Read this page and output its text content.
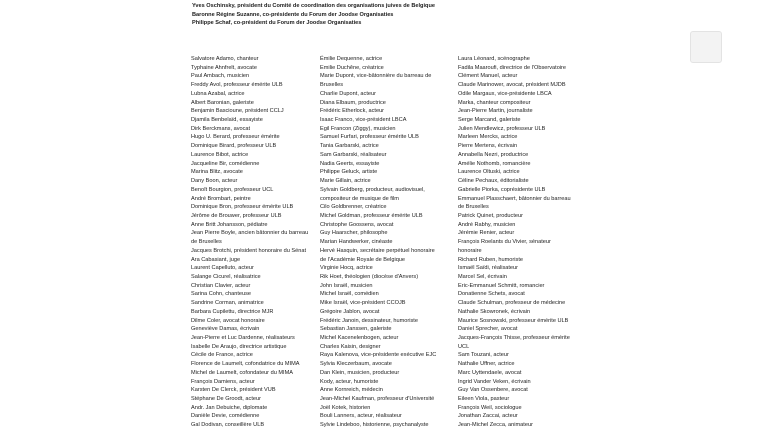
Yves Oschinsky, président du Comité de coordination des organisations juives de Belgique
Baronne Régine Suzanne, co-présidente du Forum der Joodse Organisaties
Philippe Schaf, co-président du Forum der Joodse Organisaties
Salvatore Adamo, chanteur
Typhaine Ahnfrelt, avocate
Paul Ambach, musicien
Freddy Avol, professeur émérite ULB
Lubna Azabal, actrice
Albert Baronian, galeriste
Benjamin Bascioune, président CCLJ
Djamila Benbelaïd, essayiste
Dirk Berckmans, avocat
Hugo U. Berard, professeur émérite
Dominique Birard, professeur ULB
Laurence Bibot, actrice
Jacqueline Bir, comédienne
Marina Blitz, avocate
Dany Boon, acteur
Benoît Bourgion, professeur UCL
André Brombart, peintre
Dominique Bron, professeur émérite ULB
Jérôme de Brouwer, professeur ULB
Anne Britt Johansson, pédiatre
Jean Pierre Boyle, ancien bâtonnier du barreau
de Bruxelles
Jacques Brotchi, président honoraire du Sénat
Ara Cabasiant, juge
Laurent Capelluto, acteur
Salange Cicurel, réalisatrice
Christian Clavier, acteur
Sarina Cohn, chanteuse
Sandrine Corman, animatrice
Barbara Cupilettu, directrice MJR
Dilme Coler, avocat honoraire
Geneviève Damas, écrivain
Jean-Pierre et Luc Dardenne, réalisateurs
Isabelle De Araujo, directrice artistique
Cécile de France, actrice
Florence de Laumelt, cofondatrice du MIMA
Michel de Laumelt, cofondateur du MIMA
François Damiens, acteur
Karsten De Clerck, président VUB
Stéphane De Groodt, acteur
Andr. Jan Debuiche, diplomate
Danièle Devie, comédienne
Gal Dodivan, conseillère ULB
Émilie Dequenne, actrice
Emilie Duchêne, créatrice
Marie Dupont, vice-bâtonnière du barreau de
Bruxelles
Charlie Dupont, acteur
Diana Elbaum, productrice
Frédéric Etherlock, acteur
Isaac Franco, vice-président LBCA
Egil Francon (Ziggy), musicien
Samuel Furfari, professeur émérite ULB
Tania Garbarski, actrice
Sam Garbarski, réalisateur
Nadia Geerts, essayiste
Philippe Geluck, artiste
Marie Gillain, actrice
Sylvain Goldberg, producteur, audiovisuel,
compositeur de musique de film
Cilo Goldbrenner, créatrice
Michel Goldman, professeur émérite ULB
Christophe Goossens, avocat
Guy Haarscher, philosophe
Marian Handwerker, cinéaste
Hervé Hasquin, secrétaire perpétuel honoraire
de l'Académie Royale de Belgique
Virginie Hocq, actrice
Rik Hoet, théologien (diocèse d'Anvers)
John Israël, musicien
Michel Israël, comédien
Mike Israël, vice-président CCOJB
Grégoire Jablon, avocat
Frédéric Janoin, dessinateur, humoriste
Sebastian Janssen, galeriste
Michel Kacenelenbogen, acteur
Charles Kaisin, designer
Raya Kalenova, vice-présidente exécutive EJC
Sylvia Kleczerbaum, avocate
Dan Klein, musicien, producteur
Kody, acteur, humoriste
Anne Kornreich, médecin
Jean-Michel Kaufman, professeur d'Université
Joël Kotek, historien
Bouli Lanners, acteur, réalisateur
Sylvie Lindeboo, historienne, psychanalyste
Laura Léonard, scénographe
Fadila Maaroufi, directrice de l'Observatoire
Clément Manuel, acteur
Claude Marinower, avocat, président MJDB
Odile Margaux, vice-présidente LBCA
Marka, chanteur compositeur
Jean-Pierre Martin, journaliste
Serge Marcand, galeriste
Julien Mendlewicz, professeur ULB
Marleen Mercks, actrice
Pierre Mertens, écrivain
Annabella Nezri, productrice
Amélie Nothomb, romancière
Laurence Oltuski, actrice
Céline Pechaux, éditorialiste
Gabrielle Piorka, coprésidente ULB
Emmanuel Plasschaert, bâtonnier du barreau
de Bruxelles
Patrick Quinet, producteur
André Rabhy, musicien
Jérémie Renier, acteur
François Roelants du Vivier, sénateur
honoraire
Richard Ruben, humoriste
Ismaël Saïdi, réalisateur
Marcel Sel, écrivain
Eric-Emmanuel Schmitt, romancier
Donatienne Schets, avocat
Claude Schulman, professeur de médecine
Nathalie Skowronek, écrivain
Maurice Sosnowski, professeur émérite ULB
Daniel Sprecher, avocat
Jacques-François Thisse, professeur émérite
UCL
Sam Touzani, acteur
Nathalie Uffner, actrice
Marc Uyttendaele, avocat
Ingrid Vander Veken, écrivain
Guy Van Ossenbere, avocat
Eileen Viola, pasteur
François Weil, sociologue
Jonathan Zaccai, acteur
Jean-Michel Zecca, animateur
